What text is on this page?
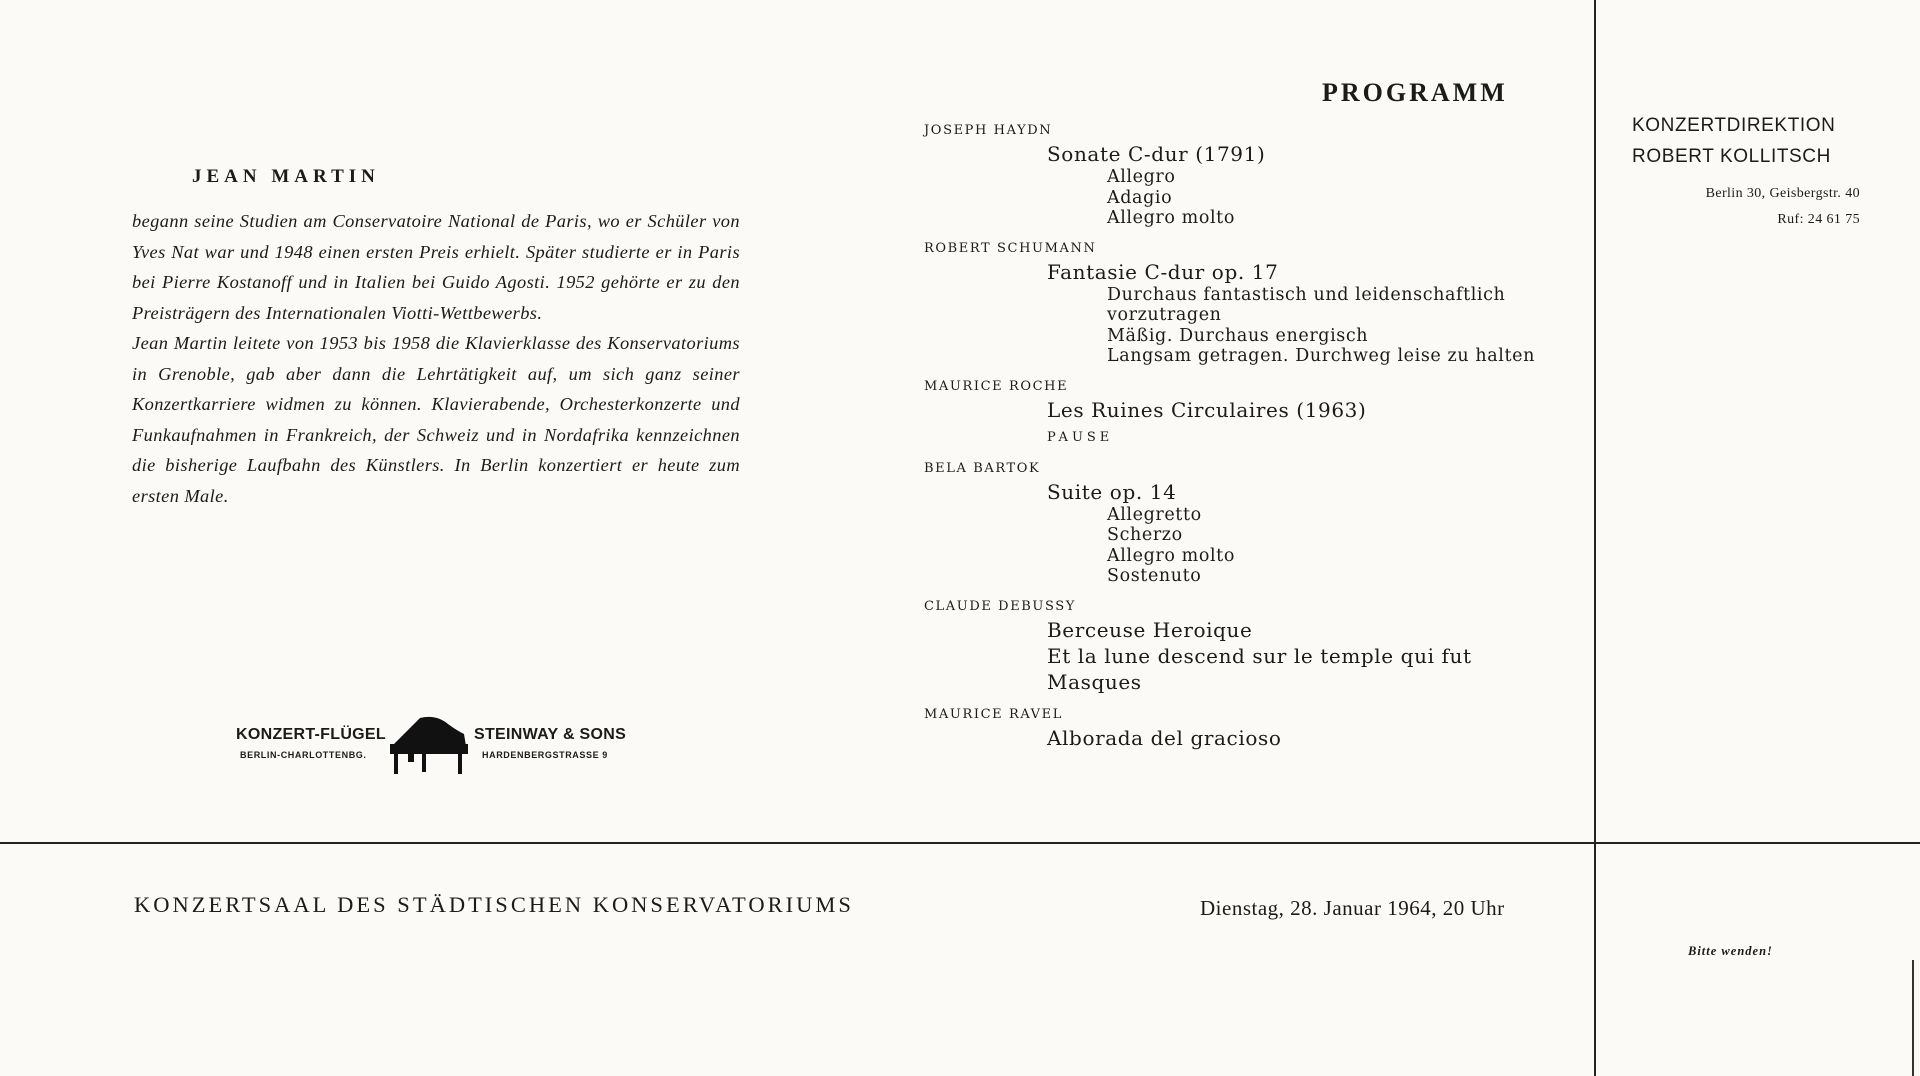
JEAN MARTIN

begann seine Studien am Conservatoire National de Paris, wo er Schüler von Yves Nat war und 1948 einen ersten Preis erhielt. Später studierte er in Paris bei Pierre Kostanoff und in Italien bei Guido Agosti. 1952 gehörte er zu den Preisträgern des Internationalen Viotti-Wettbewerbs.

Jean Martin leitete von 1953 bis 1958 die Klavierklasse des Konservatoriums in Grenoble, gab aber dann die Lehrtätigkeit auf, um sich ganz seiner Konzertkarriere widmen zu können. Klavierabende, Orchesterkonzerte und Funkaufnahmen in Frankreich, der Schweiz und in Nordafrika kennzeichnen die bisherige Laufbahn des Künstlers. In Berlin konzertiert er heute zum ersten Male.

KONZERT-FLÜGEL
BERLIN-CHARLOTTENBG.
STEINWAY & SONS
HARDENBERGSTRASSE 9
PROGRAMM
JOSEPH HAYDN
Sonate C-dur (1791)
Allegro
Adagio
Allegro molto
ROBERT SCHUMANN
Fantasie C-dur op. 17
Durchaus fantastisch und leidenschaftlich
vorzutragen
Mäßig. Durchaus energisch
Langsam getragen. Durchweg leise zu halten
MAURICE ROCHE
Les Ruines Circulaires (1963)
PAUSE
BELA BARTOK
Suite op. 14
Allegretto
Scherzo
Allegro molto
Sostenuto
CLAUDE DEBUSSY
Berceuse Heroique
Et la lune descend sur le temple qui fut
Masques
MAURICE RAVEL
Alborada del gracioso
KONZERTDIREKTION
ROBERT KOLLITSCH
Berlin 30, Geisbergstr. 40
Ruf: 24 61 75
KONZERTSAAL DES STÄDTISCHEN KONSERVATORIUMS	Dienstag, 28. Januar 1964, 20 Uhr
Bitte wenden!
